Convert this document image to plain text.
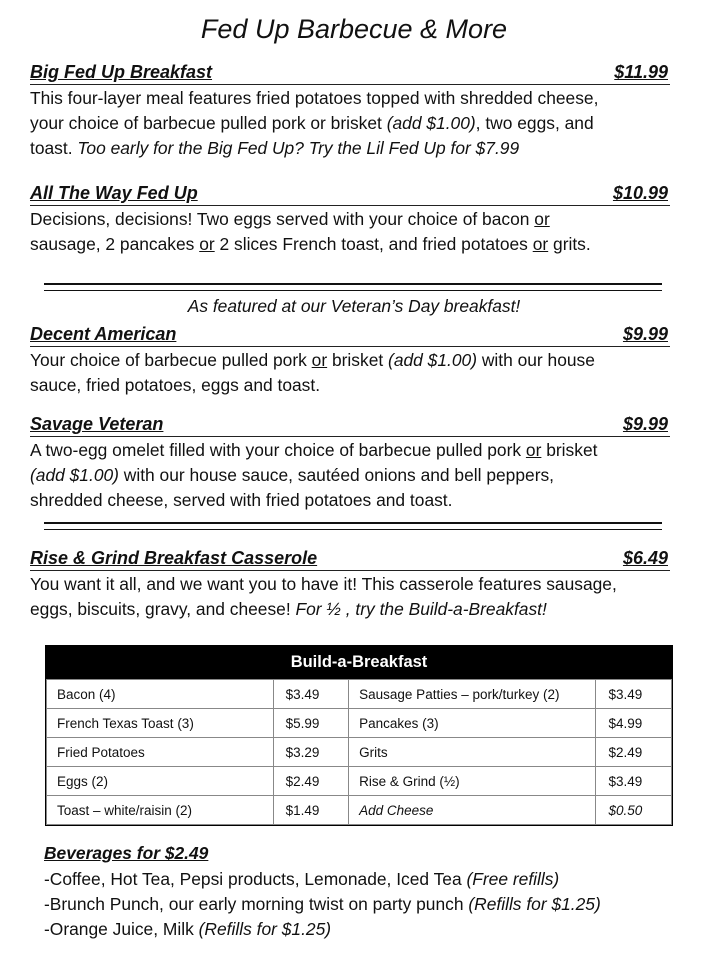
Fed Up Barbecue & More
Big Fed Up Breakfast	$11.99
This four-layer meal features fried potatoes topped with shredded cheese,
your choice of barbecue pulled pork or brisket (add $1.00), two eggs, and
toast. Too early for the Big Fed Up? Try the Lil Fed Up for $7.99
All The Way Fed Up	$10.99
Decisions, decisions! Two eggs served with your choice of bacon or
sausage, 2 pancakes or 2 slices French toast, and fried potatoes or grits.
As featured at our Veteran’s Day breakfast!
Decent American	$9.99
Your choice of barbecue pulled pork or brisket (add $1.00) with our house
sauce, fried potatoes, eggs and toast.
Savage Veteran	$9.99
A two-egg omelet filled with your choice of barbecue pulled pork or brisket
(add $1.00) with our house sauce, sautéed onions and bell peppers,
shredded cheese, served with fried potatoes and toast.
Rise & Grind Breakfast Casserole	$6.49
You want it all, and we want you to have it! This casserole features sausage,
eggs, biscuits, gravy, and cheese! For ½ , try the Build-a-Breakfast!
Build-a-Breakfast
Bacon (4)	$3.49	Sausage Patties – pork/turkey (2)	$3.49
French Texas Toast (3)	$5.99	Pancakes (3)	$4.99
Fried Potatoes	$3.29	Grits	$2.49
Eggs (2)	$2.49	Rise & Grind (½)	$3.49
Toast – white/raisin (2)	$1.49	Add Cheese	$0.50
Beverages for $2.49
-Coffee, Hot Tea, Pepsi products, Lemonade, Iced Tea (Free refills)
-Brunch Punch, our early morning twist on party punch (Refills for $1.25)
-Orange Juice, Milk (Refills for $1.25)
